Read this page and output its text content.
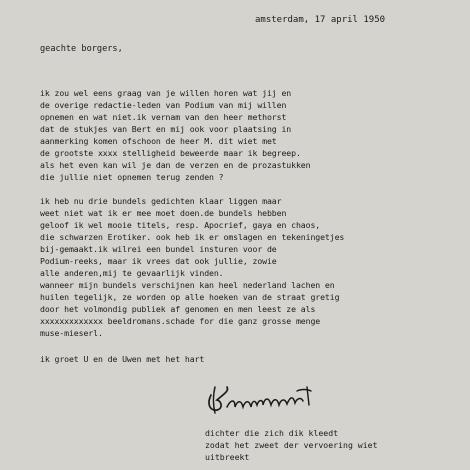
amsterdam, 17 april 1950
geachte borgers,
ik zou wel eens graag van je willen horen wat jij en
de overige redactie-leden van Podium van mij willen
opnemen en wat niet.ik vernam van den heer methorst
dat de stukjes van Bert en mij ook voor plaatsing in
aanmerking komen ofschoon de heer M. dit wiet met
de grootste xxxx stelligheid beweerde maar ik begreep.
als het even kan wil je dan de verzen en de prozastukken
die jullie niet opnemen terug zenden ?
ik heb nu drie bundels gedichten klaar liggen maar
weet niet wat ik er mee moet doen.de bundels hebben
geloof ik wel mooie titels, resp. Apocrief, gaya en chaos,
die schwarzen Erotiker. ook heb ik er omslagen en tekeningetjes
bij-gemaakt.ik wilrei een bundel insturen voor de
Podium-reeks, maar ik vrees dat ook jullie, zowie
alle anderen,mij te gevaarlijk vinden.
wanneer mijn bundels verschijnen kan heel nederland lachen en
huilen tegelijk, ze worden op alle hoeken van de straat gretig
door het volmondig publiek af genomen en men leest ze als
xxxxxxxxxxxxx beeldromans.schade for die ganz grosse menge
muse-mieserl.
ik groet U en de Uwen met het hart
dichter die zich dik kleedt
zodat het zweet der vervoering wiet
uitbreekt
